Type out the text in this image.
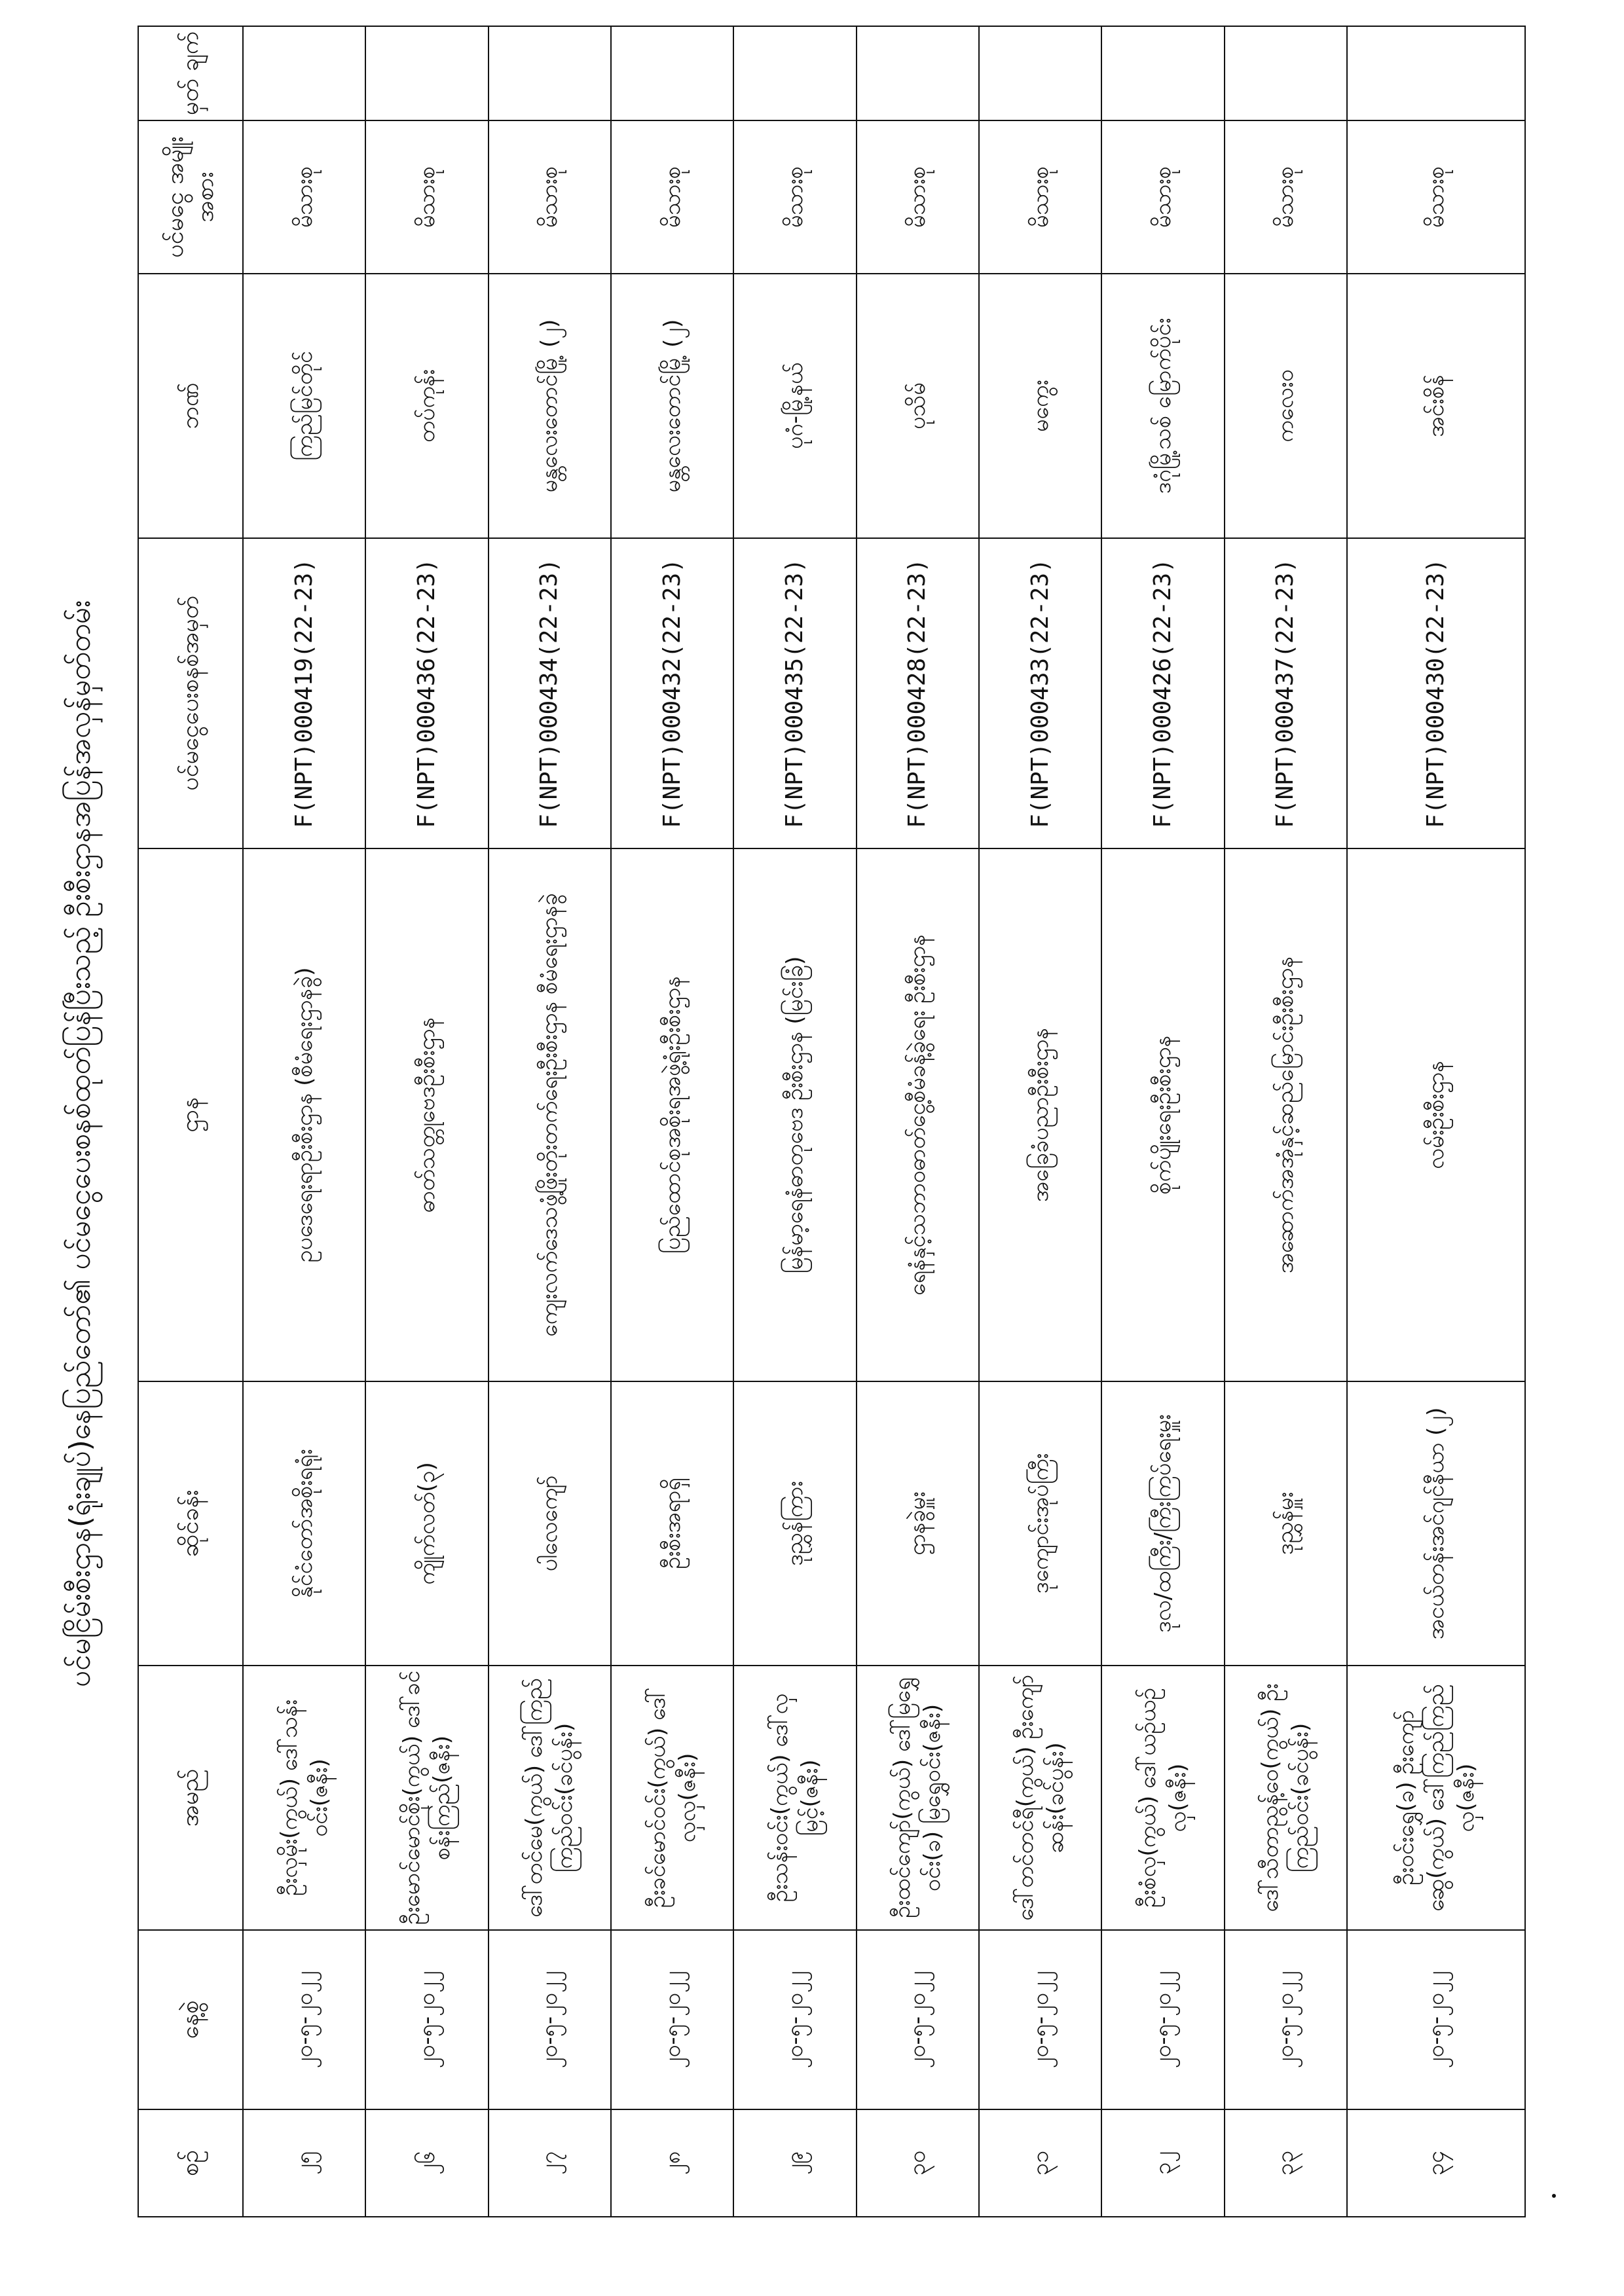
ပင်မငြိမ်းစီးဌာန(ရုံးချုပ်)နေပြည်တော်၏ ပင်မငွေပေးစနစ်ထုတ်ပြန်ပြီးသည့် ဦးစီးဌာနအပြန်အလှန်မှတ်တမ်း
စဉ်	နေ့စွဲ	အမည်	ဆိုင်ခန်း	ဌာန	ပင်မငွေပေးစနစ်အမှတ်	ဘဏ်	ပင်မငွေ အမျိုးအစား	မှတ် ချက်
၂၅	၂၀-၅-၂၀၂၂	ဦးလှမိုး(ကွယ်) ဒေါ်သန်းဝင်း(ဇနီး)	နိုင်ငံတော်အစိုးရရုံး	ဥပဒေရေးရာဦးစီးဌာန (စီမံရေးဌာနခွဲ)	F(NPT)000419(22-23)	ကြည်မြင်တိုင်	မိသားစု	
၂၆	၂၀-၅-၂၀၂၂	ဦးမောင်မောင်စိုး(ကွယ်) ဒေါ်ခင်စန်းကြည်(ဇနီး)	ကျိုက်လတ်(၃)	ဓာတ်သတ္တုဗေဒဦးစီးဌာန	F(NPT)000436(22-23)	တပ်ကုန်း	မိသားစု	
၂၇	၂၀-၅-၂၀၂၂	ဒေါ်တင်မေ(ကွယ်) ဒေါ်ကြည်ကြည်ဝင်း(ခင်ပွန်း)	ပါလေကျော်	ကျေးလက်ဒေသဖွံ့ဖြိုးတိုးတက်ရေးဦးစီးဌာန စီမံရေးဌာနခွဲ	F(NPT)000434(22-23)	မန္တလေးတောင်မြို့ (၂)	မိသားစု	
၂၈	၂၀-၅-၂၀၂၂	ဦးခင်မောင်ဝင်း(ကွယ်) ဒေါ်လှလှ(ဇနီး)	ဦးစီးအရာရှိ	ပြည်ထောင်စုအစိုးရအဖွဲ့ရုံးဦးစီးဌာန	F(NPT)000432(22-23)	မန္တလေးတောင်မြို့ (၂)	မိသားစု	
၂၉	၂၀-၅-၂၀၂၂	ဦးသန်းဝင်း(ကွယ်) ဒေါ်လှမြင့်(ဇနီး)	ဒုညွှန်ကြား	မြန်မာ့ရေနံဓာတုဗေဒ ဦးစီးဌာန (မြင်းခြံ)	F(NPT)000435(22-23)	ပုဂံ-မြို့နယ်	မိသားစု	
၃၀	၂၀-၅-၂၀၂၂	ဦးထင်ကျော်(ကွယ်) ဒေါ်မြရွှေဝင်း(ခ) မြရွှေဝင်း(ဇနီး)	ဌာနခွဲမှူး	ရေနံနှင့်သဘာဝဓာတ်ငွေ့စီမံခန့်ခွဲရေး ဦးစီးဌာန	F(NPT)000428(22-23)	ပုသိမ်	မိသားစု	
၃၁	၂၀-၅-၂၀၂၂	ဒေါ်တင်တင်ရီ(ကွယ်) ဦးကျော်ဆန်း(ခင်ပွန်း)	ဒုကျောင်းအုပ်ကြီး	အခြေခံပညာဦးစီးဌာန	F(NPT)000433(22-23)	မကွေး	မိသားစု	
၃၂	၂၀-၅-၂၀၂၂	ဦးစံလှ(ကွယ်) ဒေါ်ယဉ်ယဉ်လှ(ဇနီး)	ဒုလ/ထကြီး/ကြီးကြပ်ရေးမှူး	စိုက်ပျိုးရေးဦးစီးဌာန	F(NPT)000426(22-23)	ဒဂုံမြို့သစ် မြောက်ပိုင်း	မိသားစု	
၃၃	၂၀-၅-၂၀၂၂	ဒေါ်သီတာညွန့်ဝေ(ကွယ်) ဦးကြည်ဝင်း(ခင်ပွန်း)	ဒုညွှန်မှူး	အဆောက်အအုံနှင့်ဆည်မြောင်းဦးစီးဌာန	F(NPT)000437(22-23)	ကလေးဝ	မိသားစု	
၃၄	၂၀-၅-၂၀၂၂	ဦးဝင်းရွှေ(ခ) ဦးကျော်ဆွေ(ကွယ်) ဒေါ်ကြည်ကြည်လှ(ဇနီး)	အငယ်တန်းအင်ဂျင်နီယာ (၂)	လမ်းဦးစီးဌာန	F(NPT)000430(22-23)	အင်းစိန်	မိသားစု	
